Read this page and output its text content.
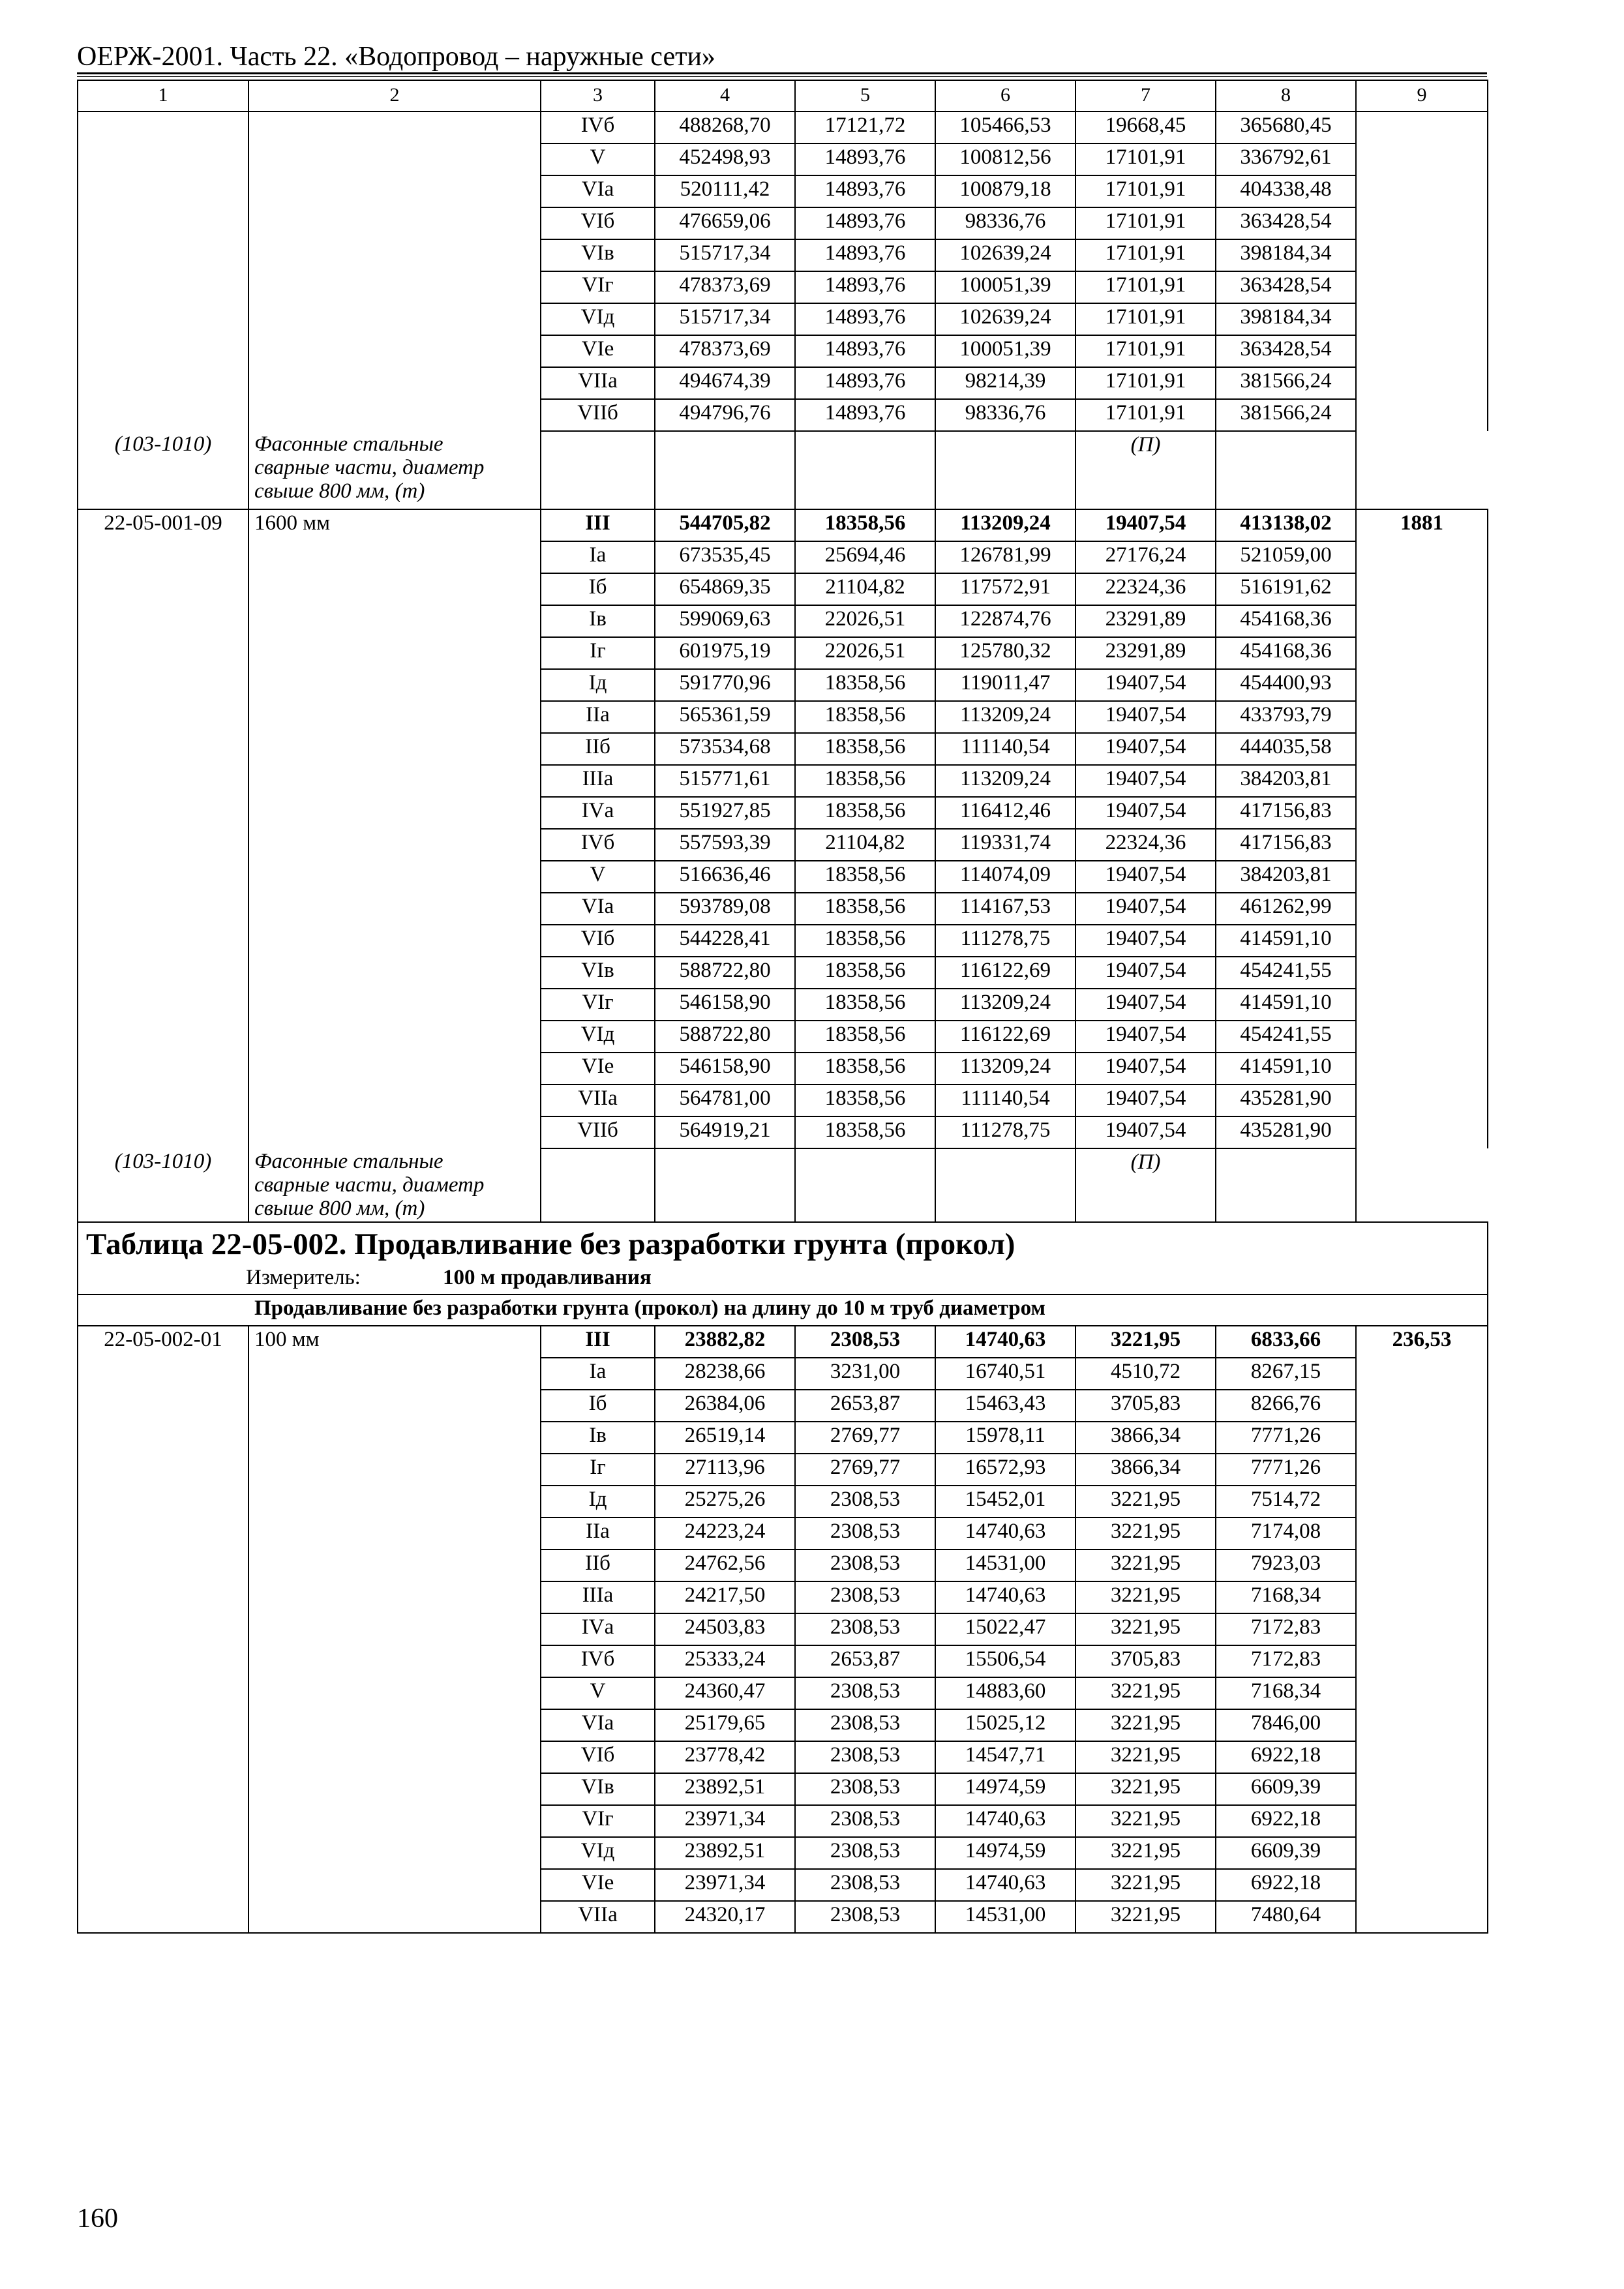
ОЕРЖ-2001. Часть 22. «Водопровод – наружные сети»
1	2	3	4	5	6	7	8	9
		IVб	488268,70	17121,72	105466,53	19668,45	365680,45	
		V	452498,93	14893,76	100812,56	17101,91	336792,61	
		VIа	520111,42	14893,76	100879,18	17101,91	404338,48	
		VIб	476659,06	14893,76	98336,76	17101,91	363428,54	
		VIв	515717,34	14893,76	102639,24	17101,91	398184,34	
		VIг	478373,69	14893,76	100051,39	17101,91	363428,54	
		VIд	515717,34	14893,76	102639,24	17101,91	398184,34	
		VIе	478373,69	14893,76	100051,39	17101,91	363428,54	
		VIIа	494674,39	14893,76	98214,39	17101,91	381566,24	
		VIIб	494796,76	14893,76	98336,76	17101,91	381566,24	
(103-1010)	Фасонные стальные
сварные части, диаметр
свыше 800 мм, (т)					(П)		
22-05-001-09	1600 мм	III	544705,82	18358,56	113209,24	19407,54	413138,02	1881
		Iа	673535,45	25694,46	126781,99	27176,24	521059,00	
		Iб	654869,35	21104,82	117572,91	22324,36	516191,62	
		Iв	599069,63	22026,51	122874,76	23291,89	454168,36	
		Iг	601975,19	22026,51	125780,32	23291,89	454168,36	
		Iд	591770,96	18358,56	119011,47	19407,54	454400,93	
		IIа	565361,59	18358,56	113209,24	19407,54	433793,79	
		IIб	573534,68	18358,56	111140,54	19407,54	444035,58	
		IIIа	515771,61	18358,56	113209,24	19407,54	384203,81	
		IVа	551927,85	18358,56	116412,46	19407,54	417156,83	
		IVб	557593,39	21104,82	119331,74	22324,36	417156,83	
		V	516636,46	18358,56	114074,09	19407,54	384203,81	
		VIа	593789,08	18358,56	114167,53	19407,54	461262,99	
		VIб	544228,41	18358,56	111278,75	19407,54	414591,10	
		VIв	588722,80	18358,56	116122,69	19407,54	454241,55	
		VIг	546158,90	18358,56	113209,24	19407,54	414591,10	
		VIд	588722,80	18358,56	116122,69	19407,54	454241,55	
		VIе	546158,90	18358,56	113209,24	19407,54	414591,10	
		VIIа	564781,00	18358,56	111140,54	19407,54	435281,90	
		VIIб	564919,21	18358,56	111278,75	19407,54	435281,90	
(103-1010)	Фасонные стальные
сварные части, диаметр
свыше 800 мм, (т)					(П)		
Таблица 22-05-002. Продавливание без разработки грунта (прокол)								
Измеритель: 100 м продавливания								
Продавливание без разработки грунта (прокол) на длину до 10 м труб диаметром								
22-05-002-01	100 мм	III	23882,82	2308,53	14740,63	3221,95	6833,66	236,53
		Iа	28238,66	3231,00	16740,51	4510,72	8267,15	
		Iб	26384,06	2653,87	15463,43	3705,83	8266,76	
		Iв	26519,14	2769,77	15978,11	3866,34	7771,26	
		Iг	27113,96	2769,77	16572,93	3866,34	7771,26	
		Iд	25275,26	2308,53	15452,01	3221,95	7514,72	
		IIа	24223,24	2308,53	14740,63	3221,95	7174,08	
		IIб	24762,56	2308,53	14531,00	3221,95	7923,03	
		IIIа	24217,50	2308,53	14740,63	3221,95	7168,34	
		IVа	24503,83	2308,53	15022,47	3221,95	7172,83	
		IVб	25333,24	2653,87	15506,54	3705,83	7172,83	
		V	24360,47	2308,53	14883,60	3221,95	7168,34	
		VIа	25179,65	2308,53	15025,12	3221,95	7846,00	
		VIб	23778,42	2308,53	14547,71	3221,95	6922,18	
		VIв	23892,51	2308,53	14974,59	3221,95	6609,39	
		VIг	23971,34	2308,53	14740,63	3221,95	6922,18	
		VIд	23892,51	2308,53	14974,59	3221,95	6609,39	
		VIе	23971,34	2308,53	14740,63	3221,95	6922,18	
		VIIа	24320,17	2308,53	14531,00	3221,95	7480,64	
160
